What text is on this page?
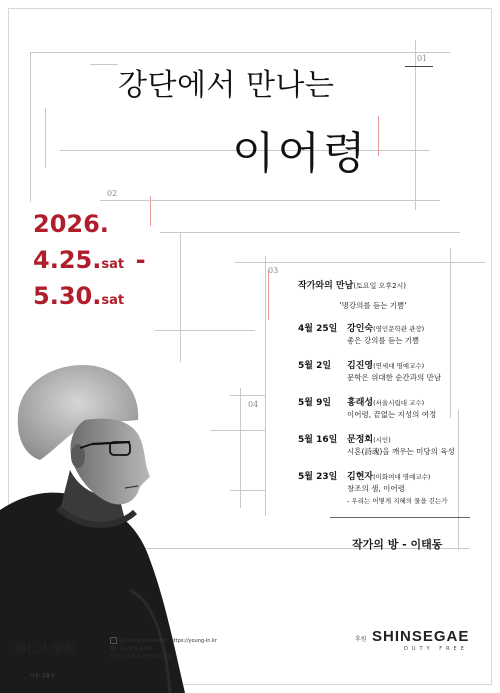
01
02
03
04
강단에서 만나는
이어령
2026.
4.25.sat -
5.30.sat
작가와의 만남(토요일 오후2시)
'명강의를 듣는 기쁨'
4월 25일 강인숙(영인문학관 관장)
좋은 강의를 듣는 기쁨
5월 2일 김진영(연세대 명예교수)
문학은 위대한 순간과의 만남
5월 9일 홍래성(서울시립대 교수)
이어령, 끝없는 지성의 여정
5월 16일 문정희(시인)
시혼(詩魂)을 깨우는 미당의 육성
5월 23일 김현자(이화여대 명예교수)
창조의 샘, 이어령
- 우리는 어떻게 지혜의 물을 긷는가
작가의 방 - 이태동
寧仁大學館
@youngin museum https://young-in.kr
Tel. 02-379-3182
서울시 종로구 평창30길 81
사진: 김용호
후원 SHINSEGAE
DUTY FREE
